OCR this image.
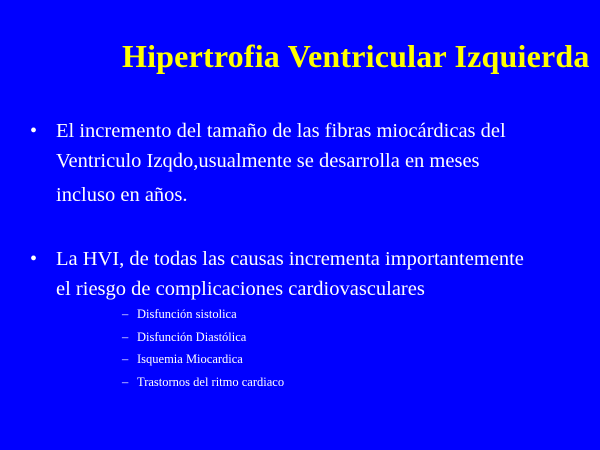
Hipertrofia Ventricular Izquierda
• El incremento del tamaño de las fibras miocárdicas del
Ventriculo Izqdo,usualmente se desarrolla en meses
incluso en años.
• La HVI, de todas las causas incrementa importantemente
el riesgo de complicaciones cardiovasculares
– Disfunción sistolica
– Disfunción Diastólica
– Isquemia Miocardica
– Trastornos del ritmo cardiaco
